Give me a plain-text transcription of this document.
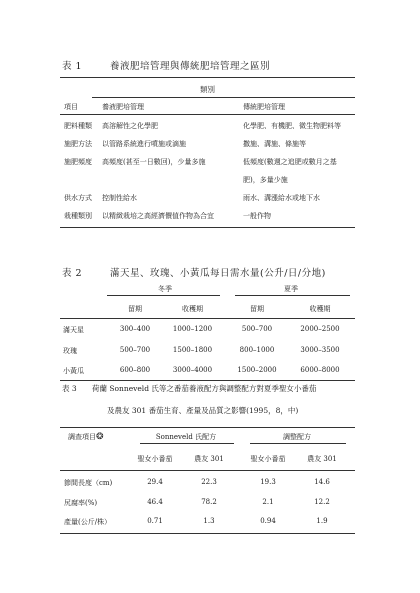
表 1	養液肥培管理與傳統肥培管理之區別
類別
項目	養液肥培管理	傳統肥培管理
肥料種類 高溶解性之化學肥	化學肥、有機肥、微生物肥料等
施肥方法 以管路系統進行噴施或滴施	撒施、溝施、條施等
施肥頻度 高頻度(甚至一日數回)，少量多施	低頻度(數週之追肥或數月之基
肥)，多量少施
供水方式 控制性給水	雨水、溝漲給水或地下水
栽種類別 以精緻栽培之高經濟價值作物為合宜	一般作物
表 2	滿天星、玫瑰、小黃瓜每日需水量(公升/日/分地)
冬季	夏季
留期	收穫期	留期	收穫期
滿天星	300–400	1000–1200	500–700	2000–2500
玫瑰	500–700	1500–1800	800–1000	3000–3500
小黃瓜	600–800	3000–4000	1500–2000	6000–8000
表 3 荷蘭 Sonneveld 氏等之番茄養液配方與調整配方對夏季聖女小番茄
及農友 301 番茄生育、產量及品質之影響(1995，8，中)
調查項目❂	Sonneveld 氏配方	調整配方
聖女小番茄	農友 301	聖女小番茄	農友 301
節間長度（cm)	29.4	22.3	19.3	14.6
尻腐率(%)	46.4	78.2	2.1	12.2
產量(公斤/株）	0.71	1.3	0.94	1.9
